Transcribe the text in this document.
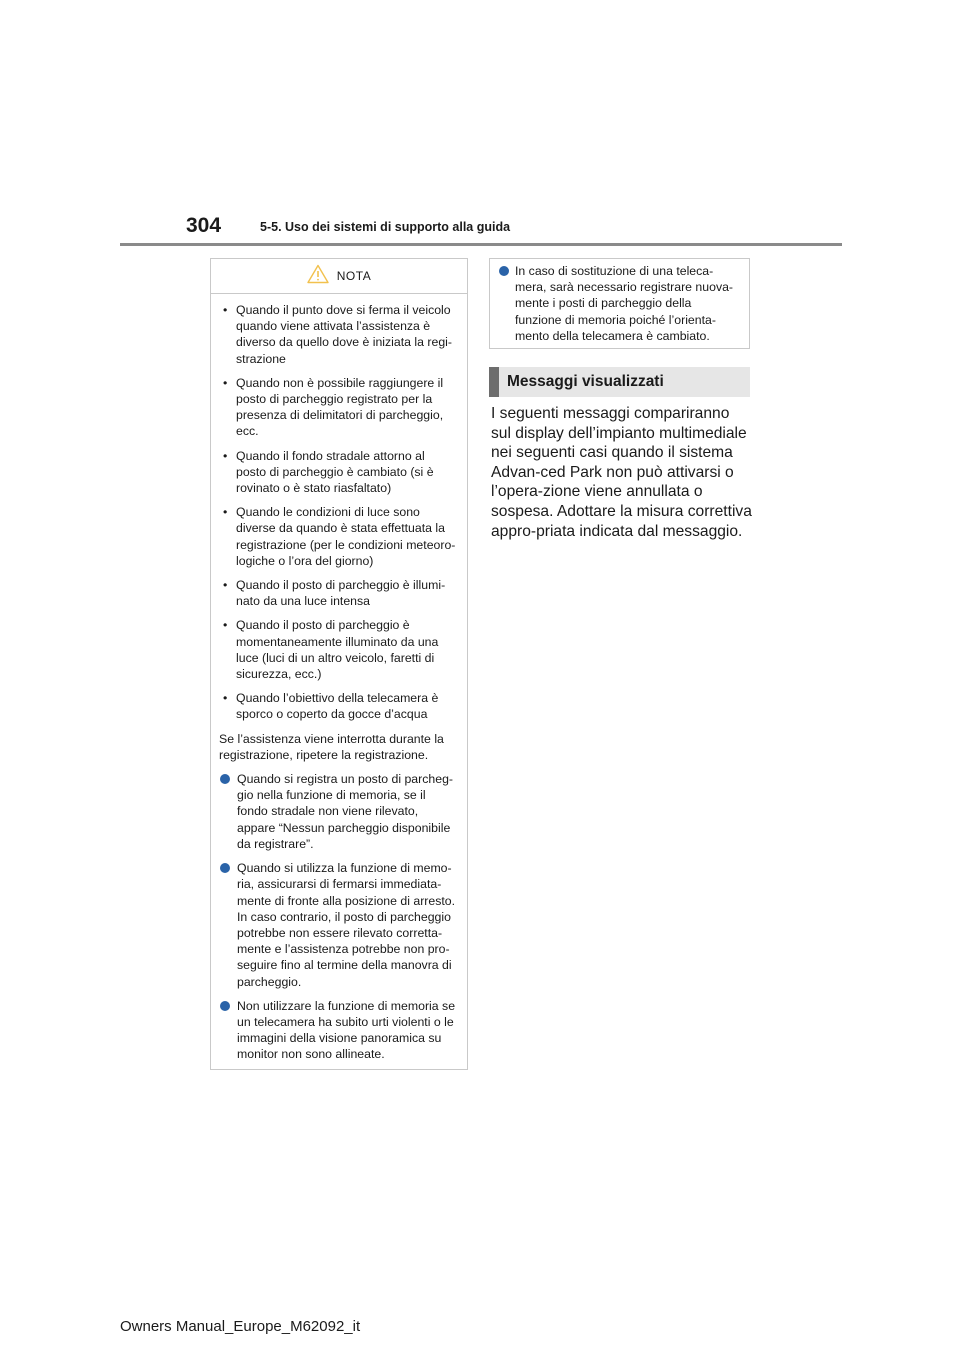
304	5-5. Uso dei sistemi di supporto alla guida
NOTA
• Quando il punto dove si ferma il veicolo quando viene attivata l’assistenza è diverso da quello dove è iniziata la regi-strazione
• Quando non è possibile raggiungere il posto di parcheggio registrato per la presenza di delimitatori di parcheggio, ecc.
• Quando il fondo stradale attorno al posto di parcheggio è cambiato (si è rovinato o è stato riasfaltato)
• Quando le condizioni di luce sono diverse da quando è stata effettuata la registrazione (per le condizioni meteoro-logiche o l’ora del giorno)
• Quando il posto di parcheggio è illumi-nato da una luce intensa
• Quando il posto di parcheggio è momentaneamente illuminato da una luce (luci di un altro veicolo, faretti di sicurezza, ecc.)
• Quando l’obiettivo della telecamera è sporco o coperto da gocce d’acqua
Se l’assistenza viene interrotta durante la registrazione, ripetere la registrazione.
Quando si registra un posto di parcheg-gio nella funzione di memoria, se il fondo stradale non viene rilevato, appare “Nessun parcheggio disponibile da registrare”.
Quando si utilizza la funzione di memo-ria, assicurarsi di fermarsi immediata-mente di fronte alla posizione di arresto. In caso contrario, il posto di parcheggio potrebbe non essere rilevato corretta-mente e l’assistenza potrebbe non pro-seguire fino al termine della manovra di parcheggio.
Non utilizzare la funzione di memoria se un telecamera ha subito urti violenti o le immagini della visione panoramica su monitor non sono allineate.
In caso di sostituzione di una teleca-mera, sarà necessario registrare nuova-mente i posti di parcheggio della funzione di memoria poiché l’orienta-mento della telecamera è cambiato.
Messaggi visualizzati
I seguenti messaggi compariranno sul display dell’impianto multimediale nei seguenti casi quando il sistema Advan-ced Park non può attivarsi o l’opera-zione viene annullata o sospesa. Adottare la misura correttiva appro-priata indicata dal messaggio.
Owners Manual_Europe_M62092_it
